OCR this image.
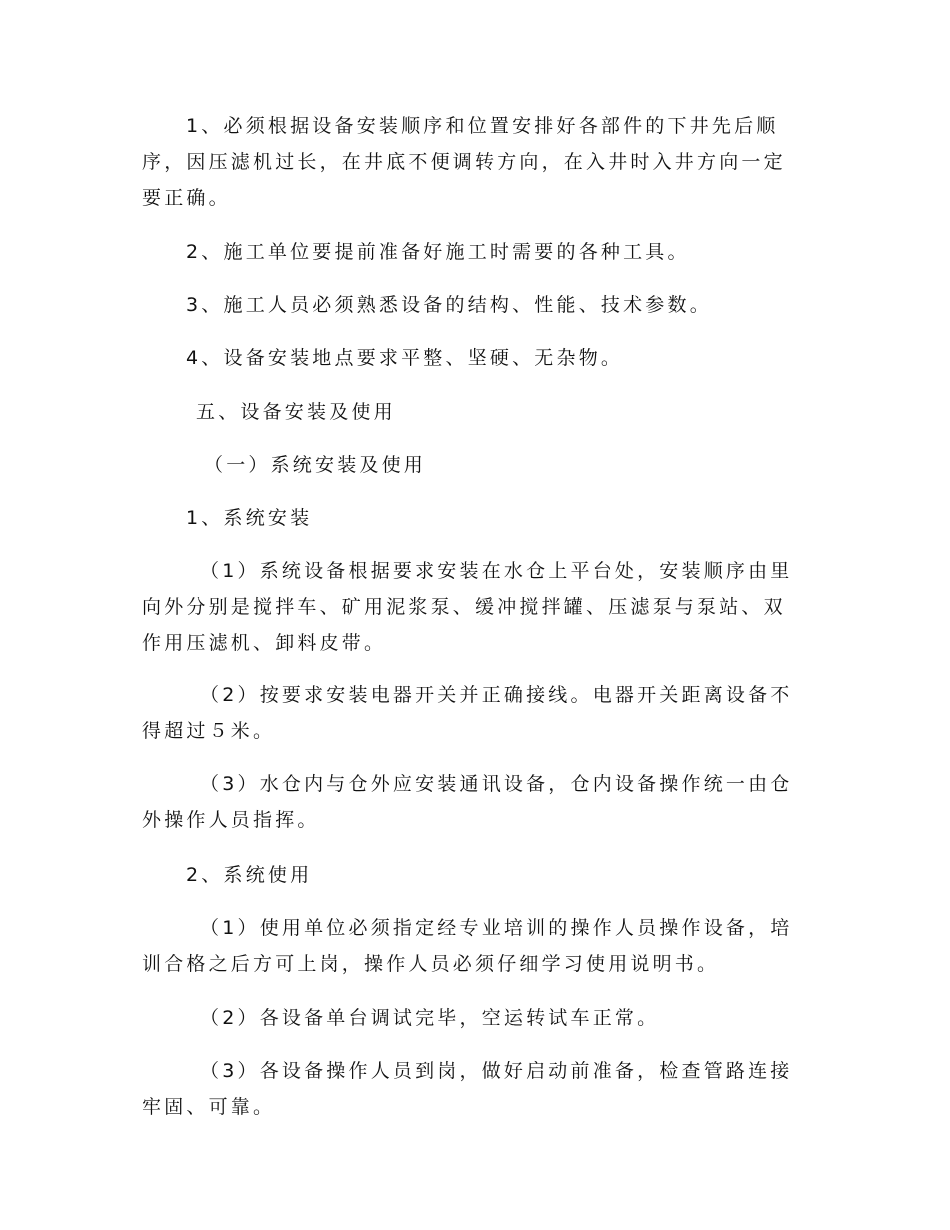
1、必须根据设备安装顺序和位置安排好各部件的下井先后顺序，因压滤机过长，在井底不便调转方向，在入井时入井方向一定要正确。

2、施工单位要提前准备好施工时需要的各种工具。

3、施工人员必须熟悉设备的结构、性能、技术参数。

4、设备安装地点要求平整、坚硬、无杂物。

五、设备安装及使用

（一）系统安装及使用

1、系统安装

（1）系统设备根据要求安装在水仓上平台处，安装顺序由里向外分别是搅拌车、矿用泥浆泵、缓冲搅拌罐、压滤泵与泵站、双作用压滤机、卸料皮带。

（2）按要求安装电器开关并正确接线。电器开关距离设备不得超过５米。

（3）水仓内与仓外应安装通讯设备，仓内设备操作统一由仓外操作人员指挥。

2、系统使用

（1）使用单位必须指定经专业培训的操作人员操作设备，培训合格之后方可上岗，操作人员必须仔细学习使用说明书。

（2）各设备单台调试完毕，空运转试车正常。

（3）各设备操作人员到岗，做好启动前准备，检查管路连接牢固、可靠。
